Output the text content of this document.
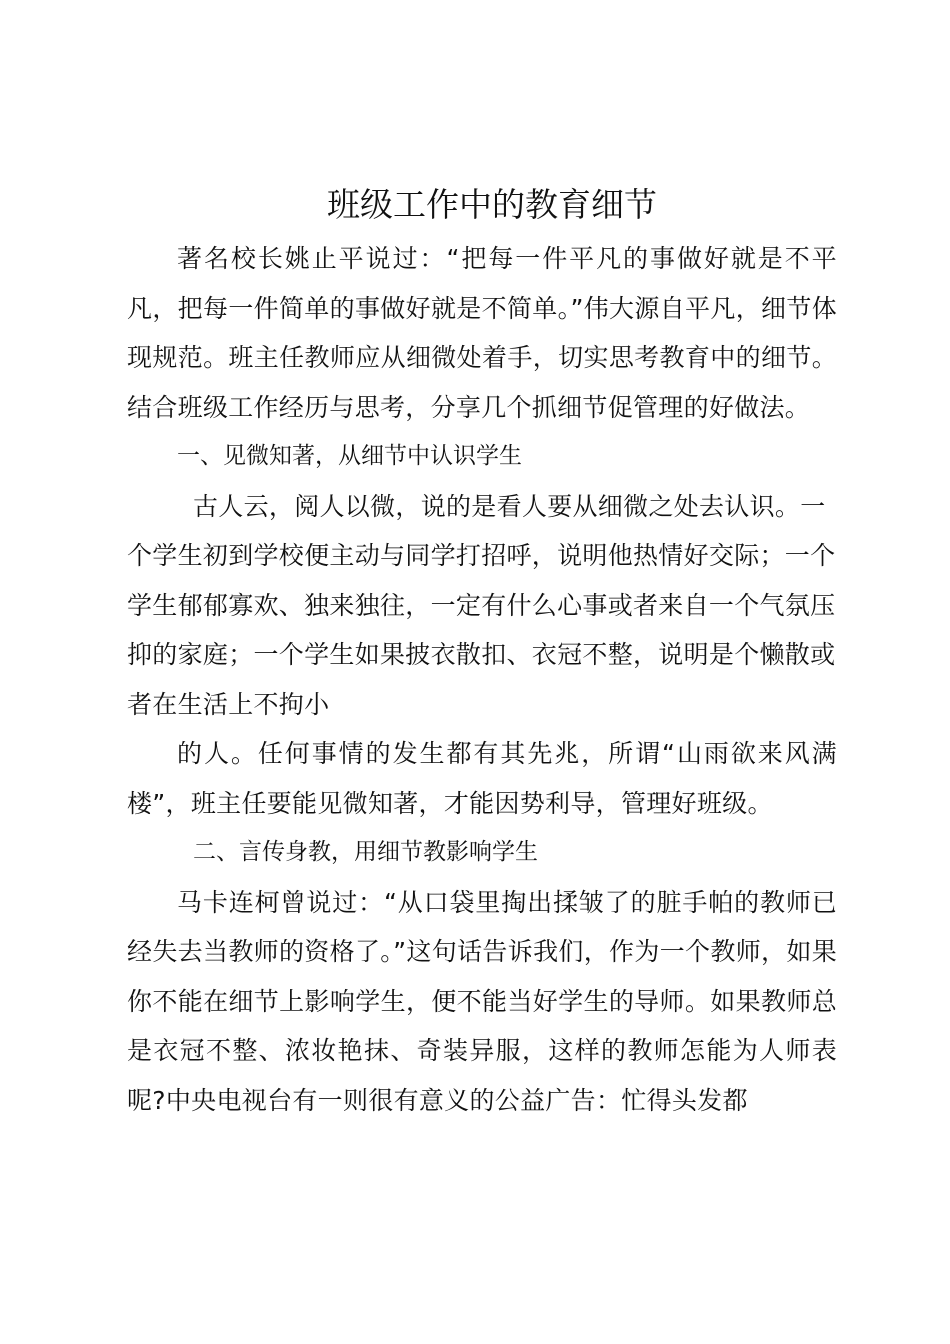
班级工作中的教育细节

著名校长姚止平说过：“把每一件平凡的事做好就是不平凡，把每一件简单的事做好就是不简单。”伟大源自平凡，细节体现规范。班主任教师应从细微处着手，切实思考教育中的细节。结合班级工作经历与思考，分享几个抓细节促管理的好做法。

一、见微知著，从细节中认识学生

古人云，阅人以微，说的是看人要从细微之处去认识。一个学生初到学校便主动与同学打招呼，说明他热情好交际；一个学生郁郁寡欢、独来独往，一定有什么心事或者来自一个气氛压抑的家庭；一个学生如果披衣散扣、衣冠不整，说明是个懒散或者在生活上不拘小

的人。任何事情的发生都有其先兆，所谓“山雨欲来风满楼”，班主任要能见微知著，才能因势利导，管理好班级。

二、言传身教，用细节教影响学生

马卡连柯曾说过：“从口袋里掏出揉皱了的脏手帕的教师已经失去当教师的资格了。”这句话告诉我们，作为一个教师，如果你不能在细节上影响学生，便不能当好学生的导师。如果教师总是衣冠不整、浓妆艳抹、奇装异服，这样的教师怎能为人师表呢?中央电视台有一则很有意义的公益广告：忙得头发都
